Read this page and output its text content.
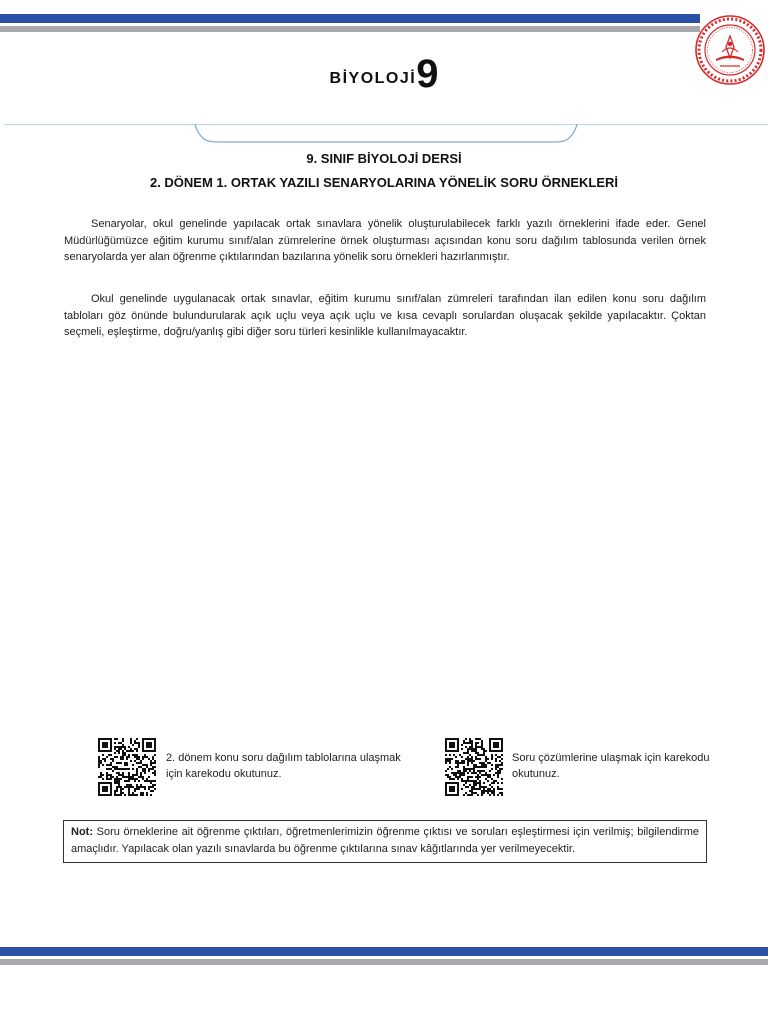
BİYOLOJİ9
9. SINIF BİYOLOJİ DERSİ
2. DÖNEM 1. ORTAK YAZILI SENARYOLARINA YÖNELİK SORU ÖRNEKLERİ
Senaryolar, okul genelinde yapılacak ortak sınavlara yönelik oluşturulabilecek farklı yazılı örneklerini ifade eder. Genel Müdürlüğümüzce eğitim kurumu sınıf/alan zümrelerine örnek oluşturması açısından konu soru dağılım tablosunda verilen örnek senaryolarda yer alan öğrenme çıktılarından bazılarına yönelik soru örnekleri hazırlanmıştır.
Okul genelinde uygulanacak ortak sınavlar, eğitim kurumu sınıf/alan zümreleri tarafından ilan edilen konu soru dağılım tabloları göz önünde bulundurularak açık uçlu veya açık uçlu ve kısa cevaplı sorulardan oluşacak şekilde yapılacaktır. Çoktan seçmeli, eşleştirme, doğru/yanlış gibi diğer soru türleri kesinlikle kullanılmayacaktır.
2. dönem konu soru dağılım tablolarına ulaşmak için karekodu okutunuz.
Soru çözümlerine ulaşmak için karekodu okutunuz.
Not: Soru örneklerine ait öğrenme çıktıları, öğretmenlerimizin öğrenme çıktısı ve soruları eşleştirmesi için verilmiş; bilgilendirme amaçlıdır. Yapılacak olan yazılı sınavlarda bu öğrenme çıktılarına sınav kâğıtlarında yer verilmeyecektir.
